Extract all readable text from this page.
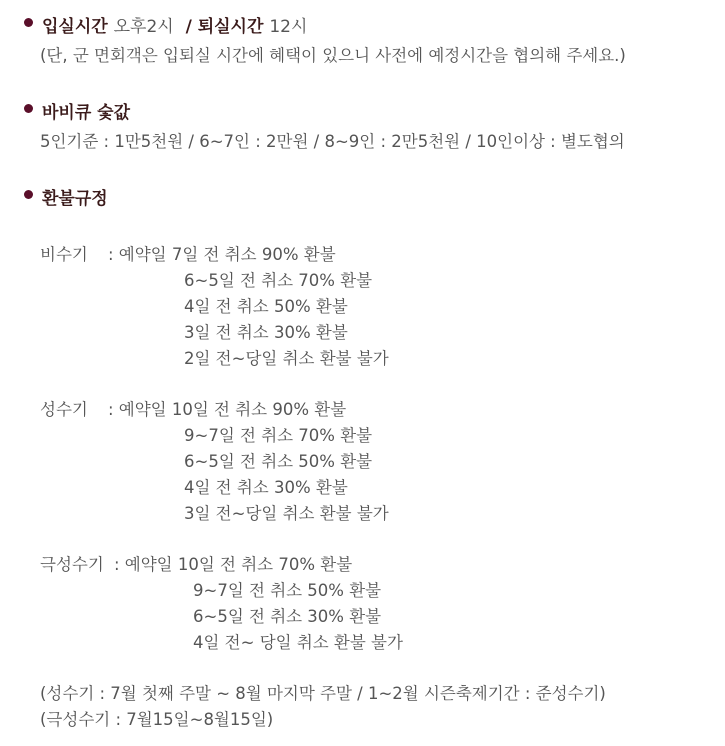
입실시간 오후2시 / 퇴실시간 12시
(단, 군 면회객은 입퇴실 시간에 혜택이 있으니 사전에 예정시간을 협의해 주세요.)
바비큐 숯값
5인기준 : 1만5천원 / 6~7인 : 2만원 / 8~9인 : 2만5천원 / 10인이상 : 별도협의
환불규정
비수기 : 예약일 7일 전 취소 90% 환불
6~5일 전 취소 70% 환불
4일 전 취소 50% 환불
3일 전 취소 30% 환불
2일 전~당일 취소 환불 불가
성수기 : 예약일 10일 전 취소 90% 환불
9~7일 전 취소 70% 환불
6~5일 전 취소 50% 환불
4일 전 취소 30% 환불
3일 전~당일 취소 환불 불가
극성수기 : 예약일 10일 전 취소 70% 환불
9~7일 전 취소 50% 환불
6~5일 전 취소 30% 환불
4일 전~ 당일 취소 환불 불가
(성수기 : 7월 첫째 주말 ~ 8월 마지막 주말 / 1~2월 시즌축제기간 : 준성수기)
(극성수기 : 7월15일~8월15일)
